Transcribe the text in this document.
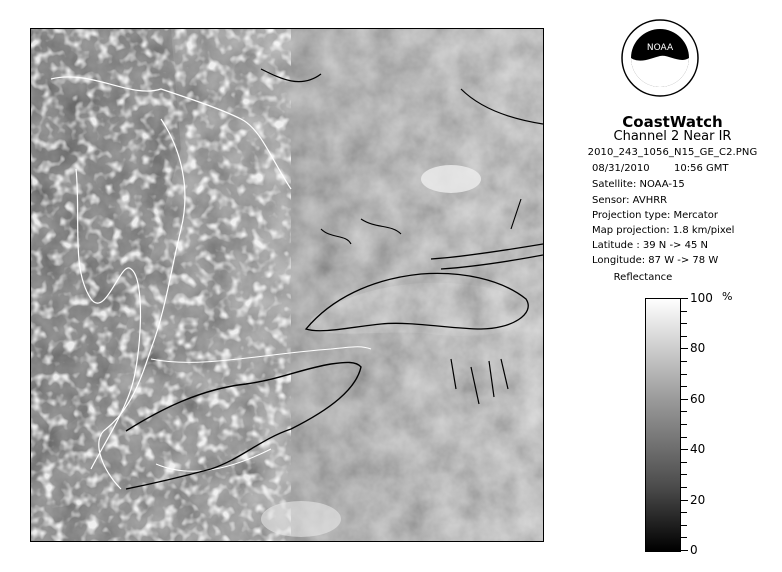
NOAA
CoastWatch
Channel 2 Near IR
2010_243_1056_N15_GE_C2.PNG
08/31/2010 10:56 GMT
Satellite: NOAA-15
Sensor: AVHRR
Projection type: Mercator
Map projection: 1.8 km/pixel
Latitude : 39 N -> 45 N
Longitude: 87 W -> 78 W
Reflectance
%
100
80
60
40
20
0
